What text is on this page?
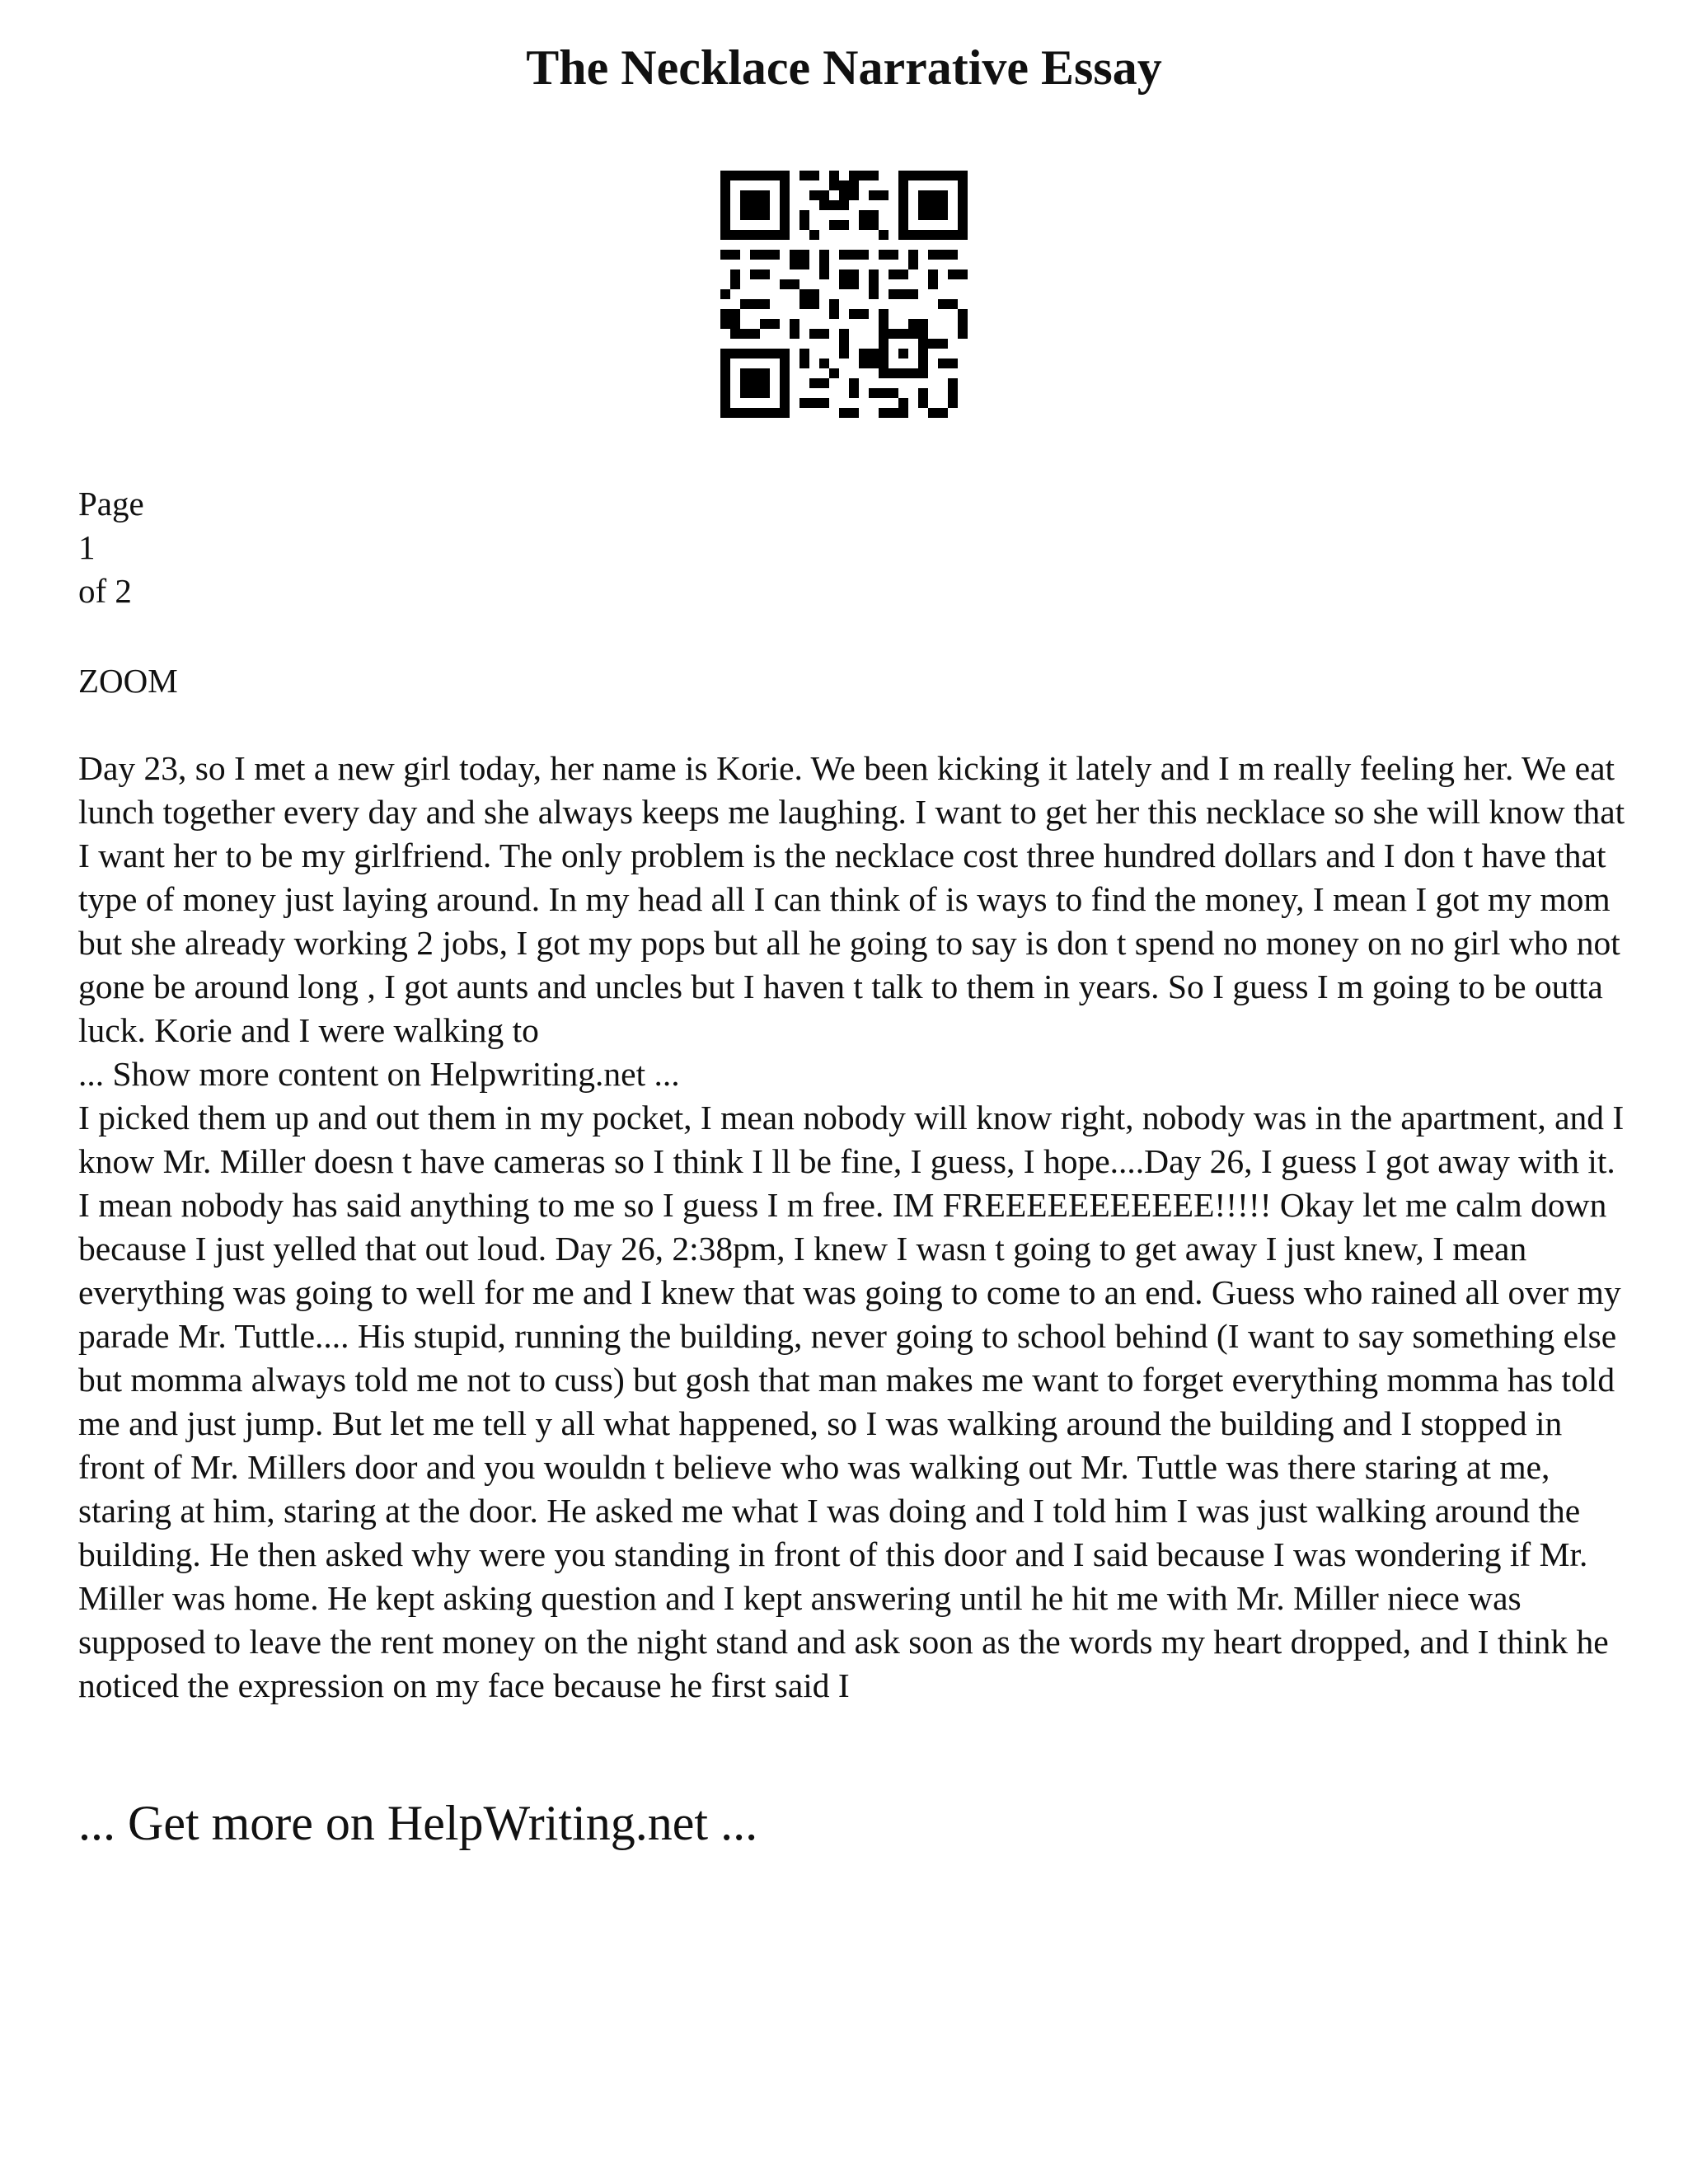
The Necklace Narrative Essay
Page
1
of 2
ZOOM

Day 23, so I met a new girl today, her name is Korie. We been kicking it lately and I m really feeling her. We eat lunch together every day and she always keeps me laughing. I want to get her this necklace so she will know that I want her to be my girlfriend. The only problem is the necklace cost three hundred dollars and I don t have that type of money just laying around. In my head all I can think of is ways to find the money, I mean I got my mom but she already working 2 jobs, I got my pops but all he going to say is don t spend no money on no girl who not gone be around long , I got aunts and uncles but I haven t talk to them in years. So I guess I m going to be outta luck. Korie and I were walking to

... Show more content on Helpwriting.net ...

I picked them up and out them in my pocket, I mean nobody will know right, nobody was in the apartment, and I know Mr. Miller doesn t have cameras so I think I ll be fine, I guess, I hope....Day 26, I guess I got away with it. I mean nobody has said anything to me so I guess I m free. IM FREEEEEEEEEEE!!!!! Okay let me calm down because I just yelled that out loud. Day 26, 2:38pm, I knew I wasn t going to get away I just knew, I mean everything was going to well for me and I knew that was going to come to an end. Guess who rained all over my parade Mr. Tuttle.... His stupid, running the building, never going to school behind (I want to say something else but momma always told me not to cuss) but gosh that man makes me want to forget everything momma has told me and just jump. But let me tell y all what happened, so I was walking around the building and I stopped in front of Mr. Millers door and you wouldn t believe who was walking out Mr. Tuttle was there staring at me, staring at him, staring at the door. He asked me what I was doing and I told him I was just walking around the building. He then asked why were you standing in front of this door and I said because I was wondering if Mr. Miller was home. He kept asking question and I kept answering until he hit me with Mr. Miller niece was supposed to leave the rent money on the night stand and ask soon as the words my heart dropped, and I think he noticed the expression on my face because he first said I

... Get more on HelpWriting.net ...
